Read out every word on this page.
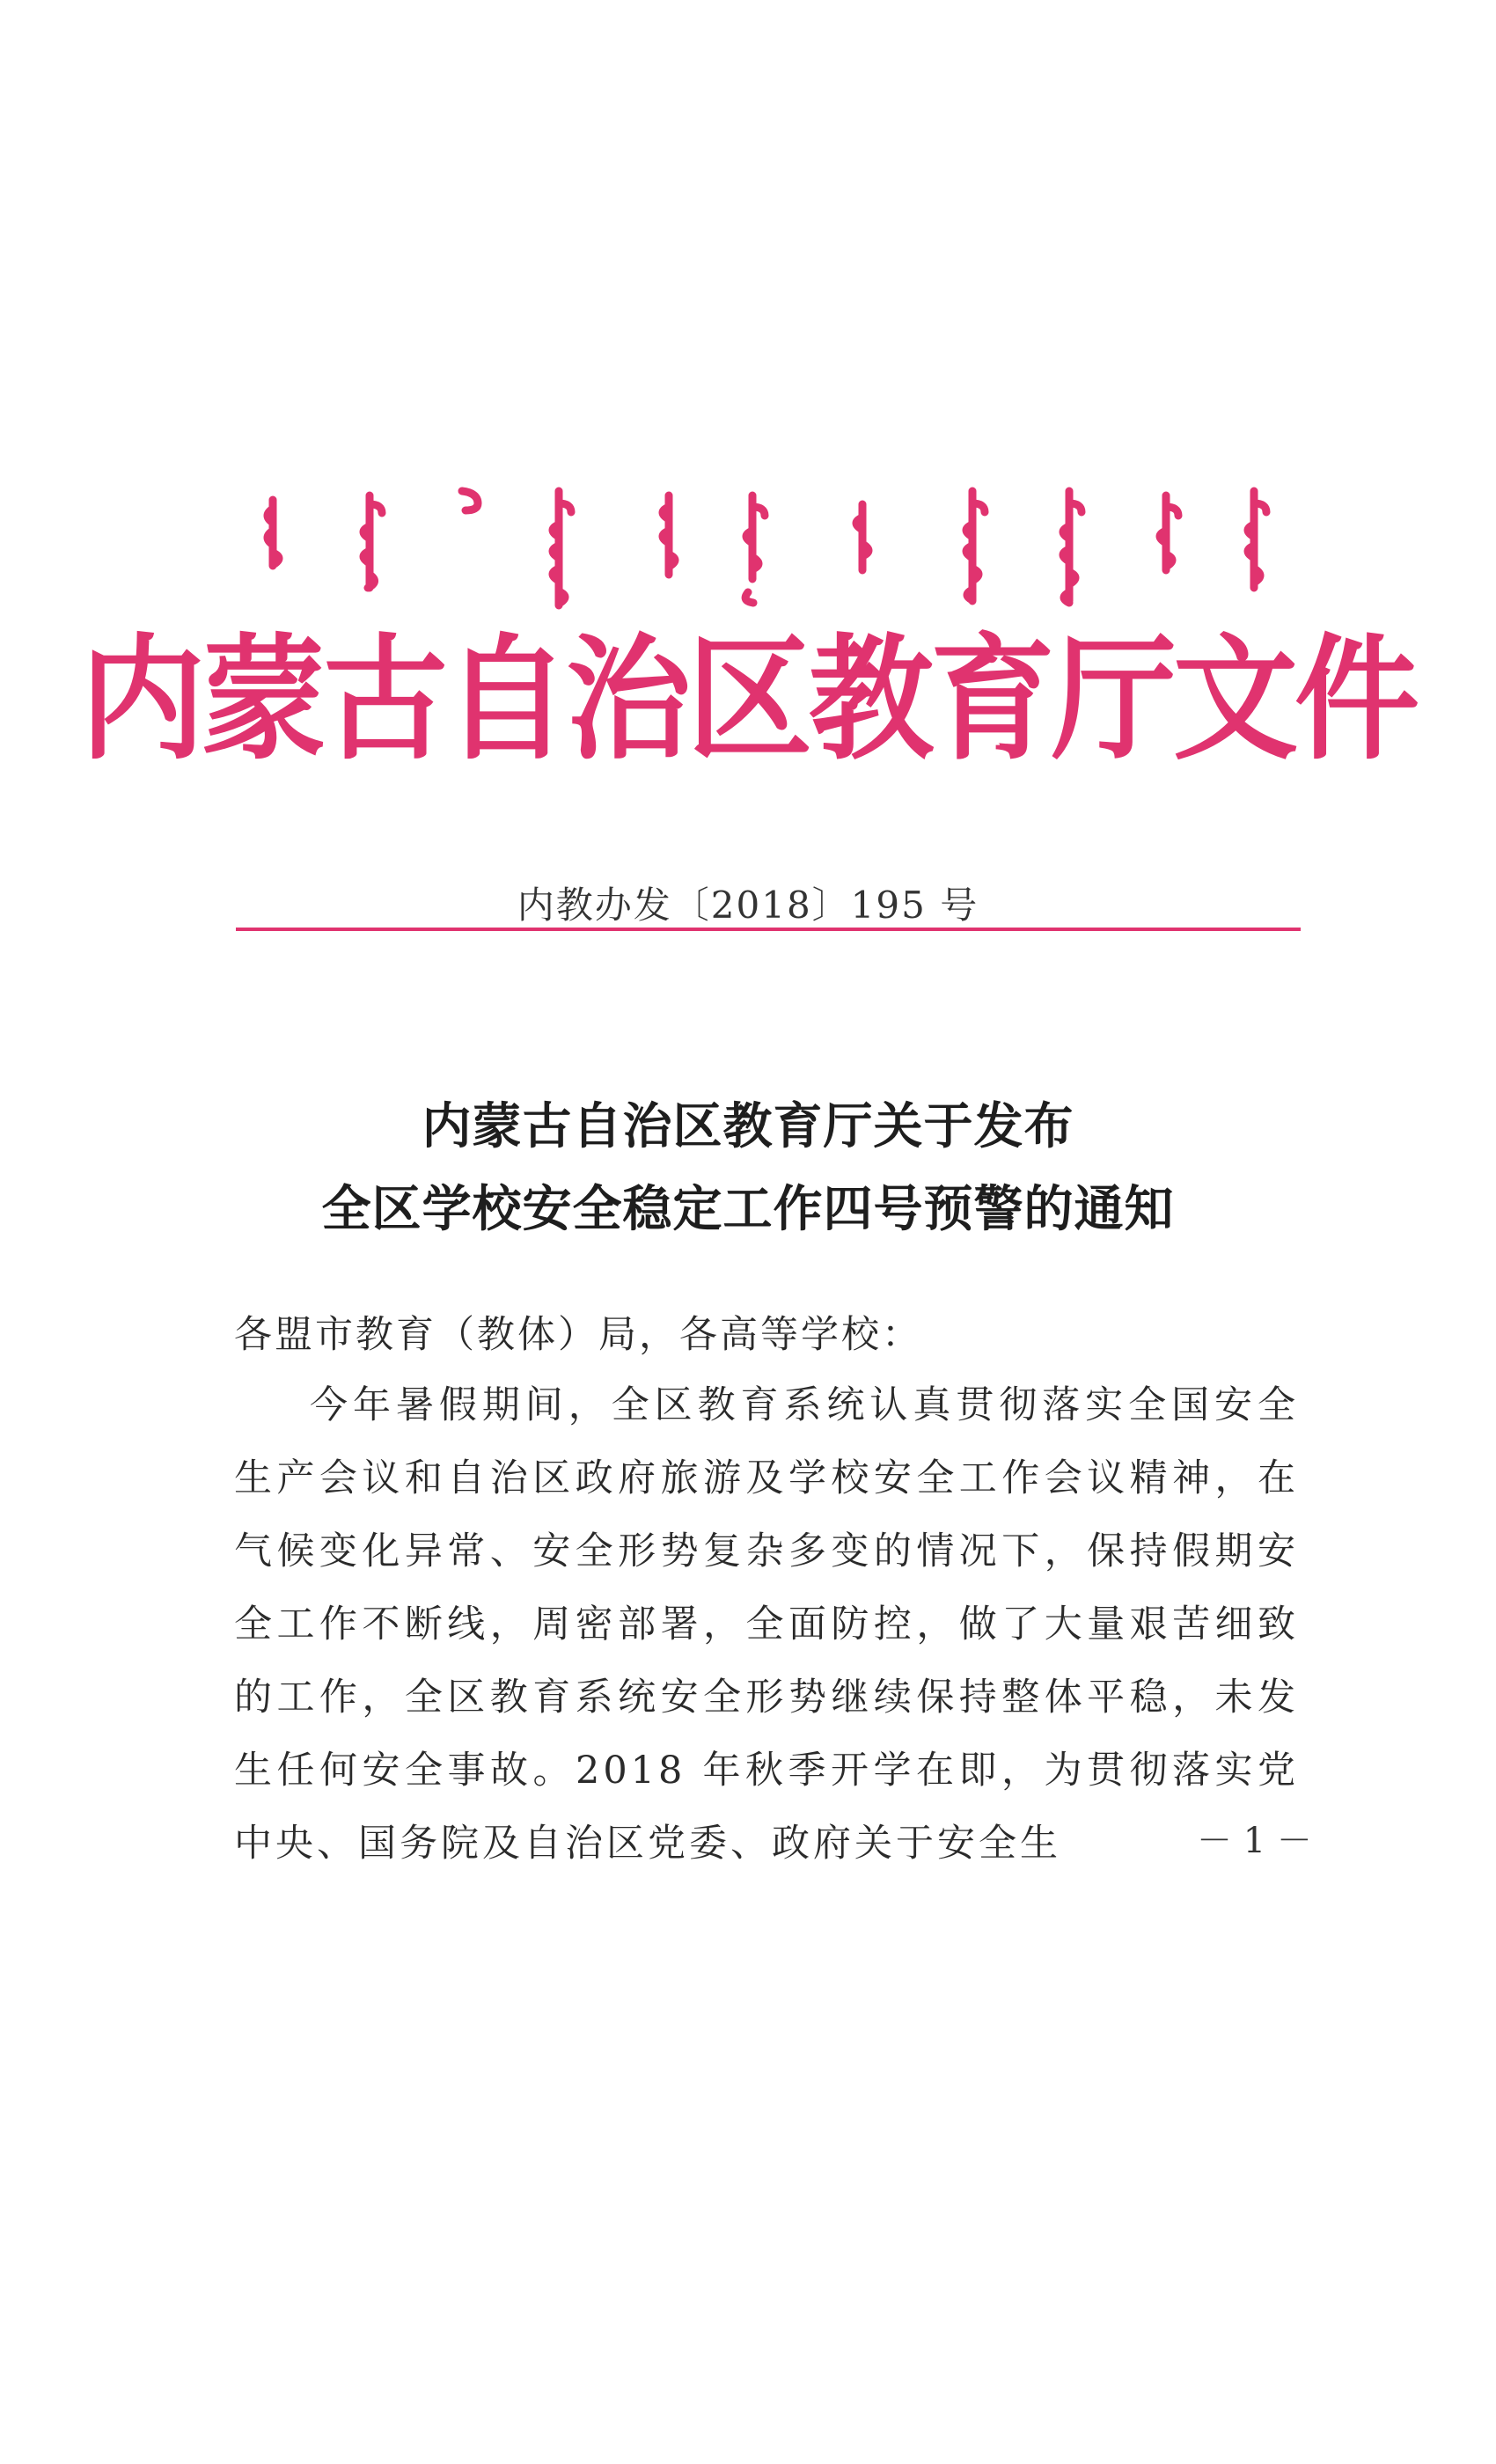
内蒙古自治区教育厅文件
内教办发〔2018〕195 号
内蒙古自治区教育厅关于发布
全区学校安全稳定工作四号预警的通知
各盟市教育（教体）局，各高等学校：
今年暑假期间，全区教育系统认真贯彻落实全国安全生产会议和自治区政府旅游及学校安全工作会议精神，在气候变化异常、安全形势复杂多变的情况下，保持假期安全工作不断线，周密部署，全面防控，做了大量艰苦细致的工作，全区教育系统安全形势继续保持整体平稳，未发生任何安全事故。2018 年秋季开学在即，为贯彻落实党中央、国务院及自治区党委、政府关于安全生	－ 1 －
